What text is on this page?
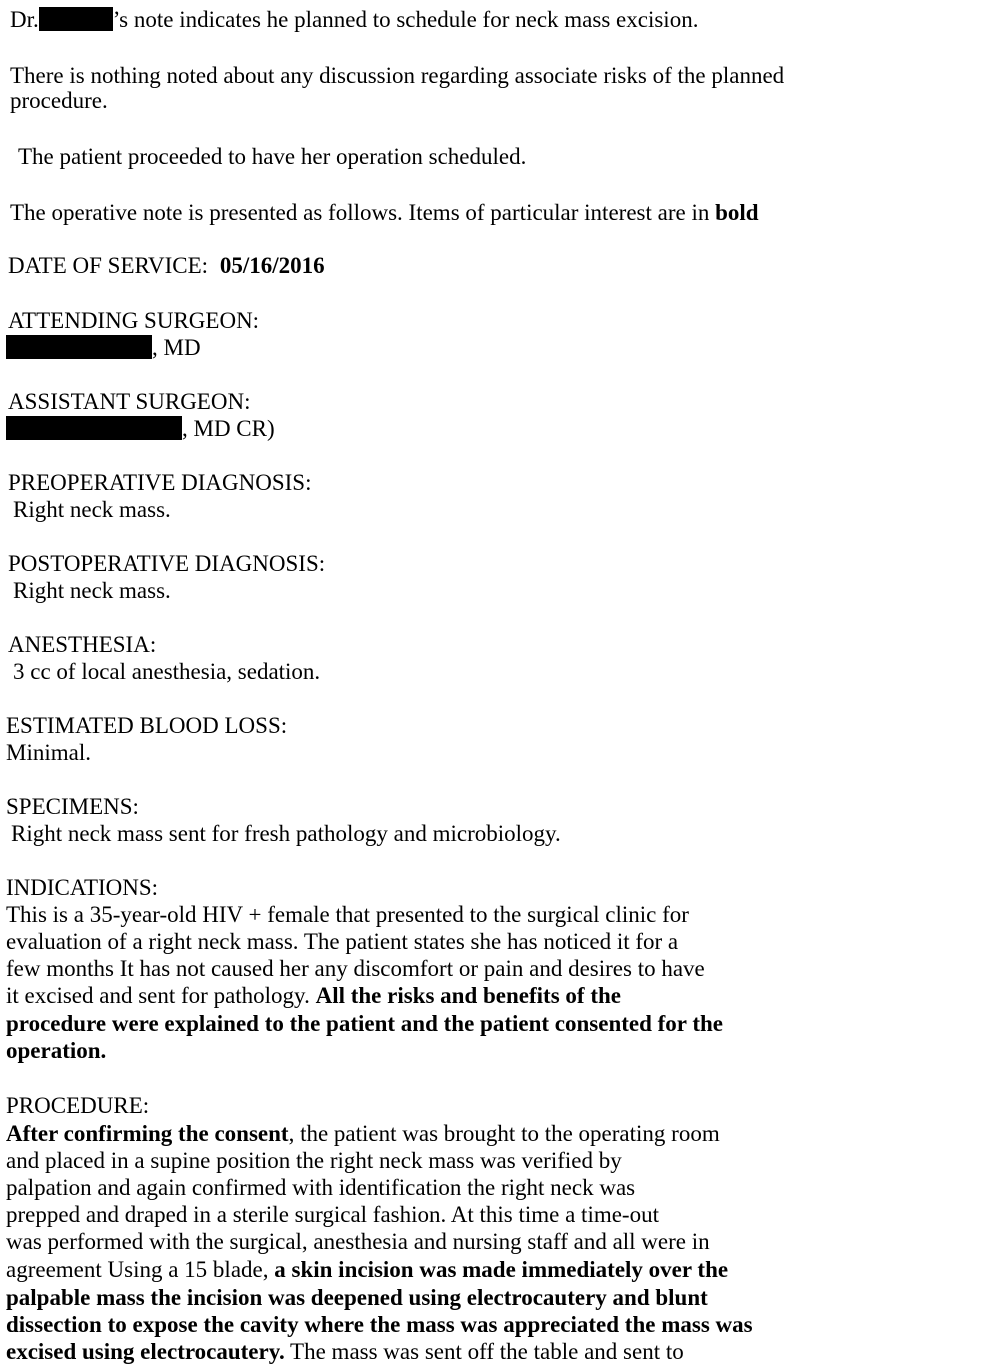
Dr.	’s note indicates he planned to schedule for neck mass excision.
There is nothing noted about any discussion regarding associate risks of the planned
procedure.
The patient proceeded to have her operation scheduled.
The operative note is presented as follows. Items of particular interest are in bold
DATE OF SERVICE: 05/16/2016
ATTENDING SURGEON:
, MD
ASSISTANT SURGEON:
, MD CR)
PREOPERATIVE DIAGNOSIS:
Right neck mass.
POSTOPERATIVE DIAGNOSIS:
Right neck mass.
ANESTHESIA:
3 cc of local anesthesia, sedation.
ESTIMATED BLOOD LOSS:
Minimal.
SPECIMENS:
Right neck mass sent for fresh pathology and microbiology.
INDICATIONS:
This is a 35-year-old HIV + female that presented to the surgical clinic for
evaluation of a right neck mass. The patient states she has noticed it for a
few months It has not caused her any discomfort or pain and desires to have
it excised and sent for pathology. All the risks and benefits of the
procedure were explained to the patient and the patient consented for the
operation.
PROCEDURE:
After confirming the consent, the patient was brought to the operating room
and placed in a supine position the right neck mass was verified by
palpation and again confirmed with identification the right neck was
prepped and draped in a sterile surgical fashion. At this time a time-out
was performed with the surgical, anesthesia and nursing staff and all were in
agreement Using a 15 blade, a skin incision was made immediately over the
palpable mass the incision was deepened using electrocautery and blunt
dissection to expose the cavity where the mass was appreciated the mass was
excised using electrocautery. The mass was sent off the table and sent to
